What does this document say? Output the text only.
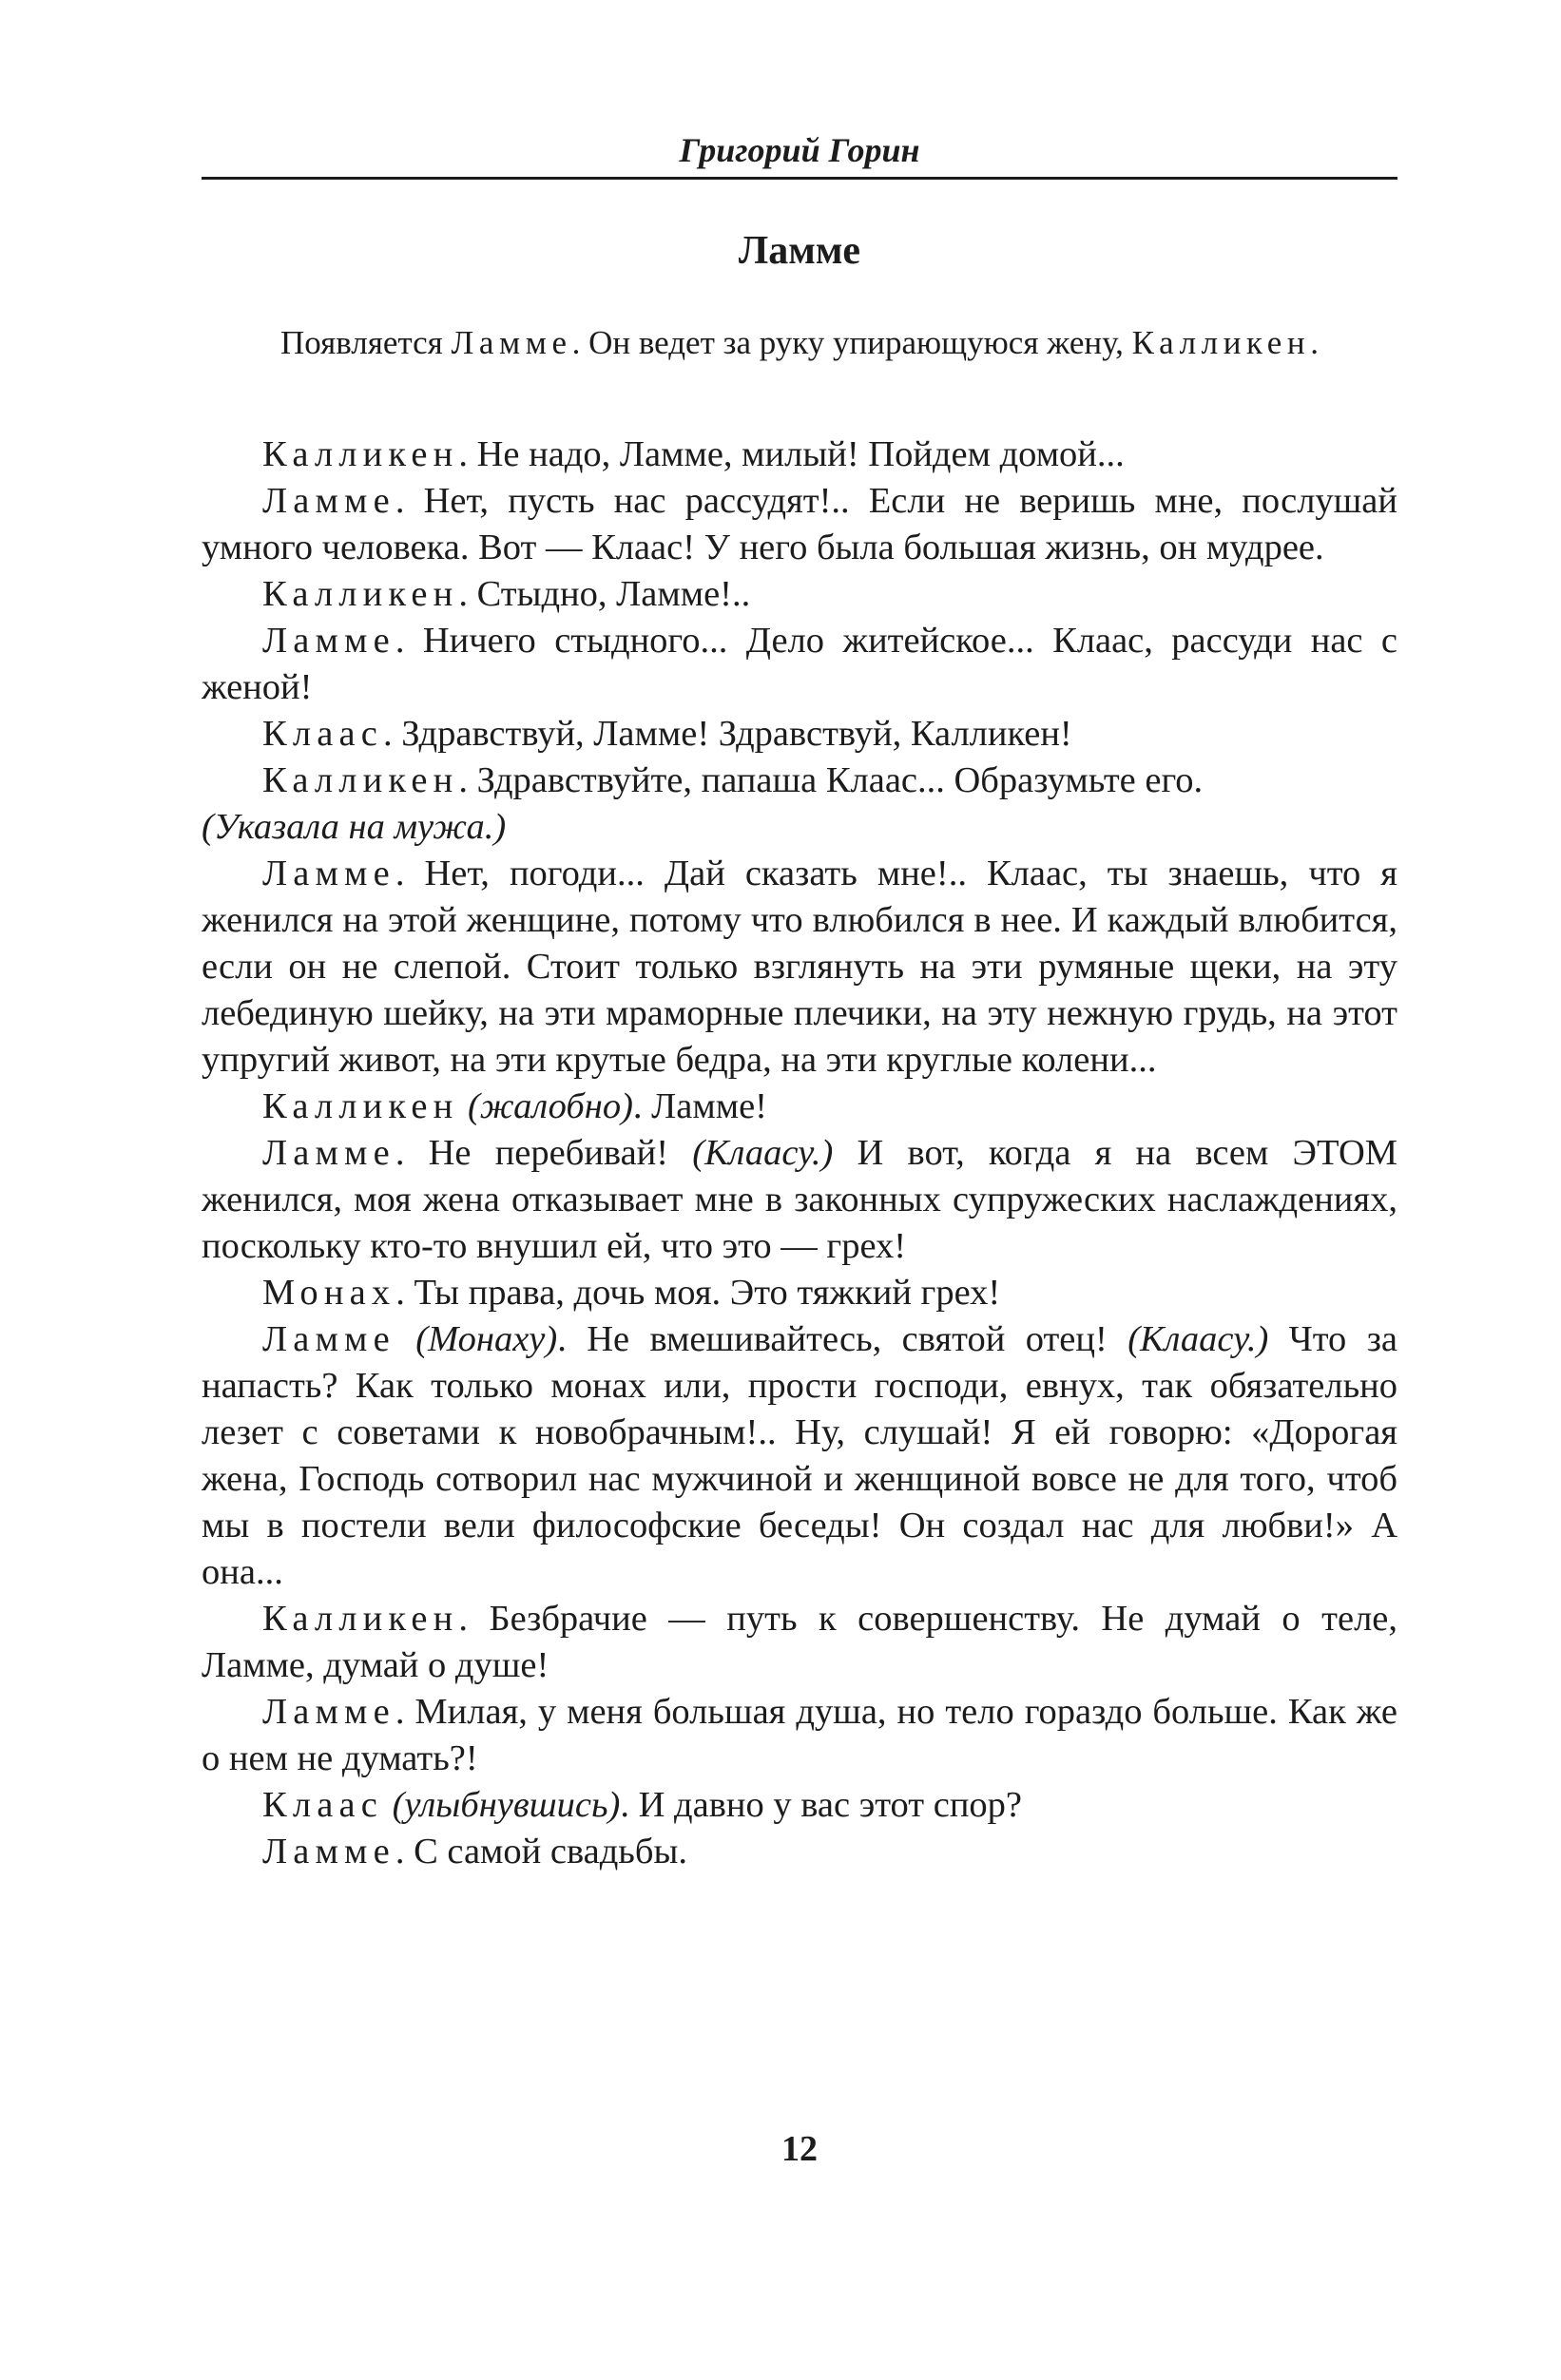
Григорий Горин
Ламме
Появляется Ламме. Он ведет за руку упирающуюся жену, Калликен.

Калликен. Не надо, Ламме, милый! Пойдем домой...

Ламме. Нет, пусть нас рассудят!.. Если не веришь мне, послушай умного человека. Вот — Клаас! У него была большая жизнь, он мудрее.

Калликен. Стыдно, Ламме!..

Ламме. Ничего стыдного... Дело житейское... Клаас, рассуди нас с женой!

Клаас. Здравствуй, Ламме! Здравствуй, Калликен!

Калликен. Здравствуйте, папаша Клаас... Образумьте его.

(Указала на мужа.)

Ламме. Нет, погоди... Дай сказать мне!.. Клаас, ты знаешь, что я женился на этой женщине, потому что влюбился в нее. И каждый влюбится, если он не слепой. Стоит только взглянуть на эти румяные щеки, на эту лебединую шейку, на эти мраморные плечики, на эту нежную грудь, на этот упругий живот, на эти крутые бедра, на эти круглые колени...

Калликен (жалобно). Ламме!

Ламме. Не перебивай! (Клаасу.) И вот, когда я на всем ЭТОМ женился, моя жена отказывает мне в законных супружеских наслаждениях, поскольку кто-то внушил ей, что это — грех!

Монах. Ты права, дочь моя. Это тяжкий грех!

Ламме (Монаху). Не вмешивайтесь, святой отец! (Клаасу.) Что за напасть? Как только монах или, прости господи, евнух, так обязательно лезет с советами к новобрачным!.. Ну, слушай! Я ей говорю: «Дорогая жена, Господь сотворил нас мужчиной и женщиной вовсе не для того, чтоб мы в постели вели философские беседы! Он создал нас для любви!» А она...

Калликен. Безбрачие — путь к совершенству. Не думай о теле, Ламме, думай о душе!

Ламме. Милая, у меня большая душа, но тело гораздо больше. Как же о нем не думать?!

Клаас (улыбнувшись). И давно у вас этот спор?

Ламме. С самой свадьбы.

12
